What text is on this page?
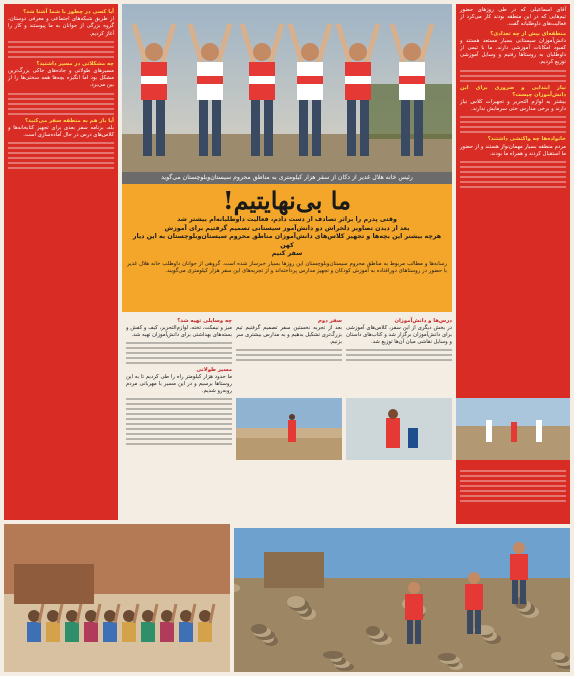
آقای اسماعیلی که در طی روزهای حضور تیم‌هایی که در این منطقه بودند کار می‌کرد از فعالیت‌های داوطلبانه گفت.
منطقه‌ای بیش از چه تعدادی؟
دانش‌آموزان سیستانی بسیار مستعد هستند و کمبود امکانات آموزشی دارند. ما با تیمی از داوطلبان به روستاها رفتیم و وسایل آموزشی توزیع کردیم.
نیاز ابتدایی و ضروری برای این دانش‌آموزان چیست؟
بیشتر به لوازم التحریر و تجهیزات کلاس نیاز دارند و برخی مدارس حتی سرمایش ندارند.
خانواده‌ها چه واکنشی داشتند؟
مردم منطقه بسیار مهمان‌نواز هستند و از حضور ما استقبال کردند و همراه ما بودند.
آیا کسی در چطور با شما آشنا شد؟
از طریق شبکه‌های اجتماعی و معرفی دوستان، گروه بزرگی از جوانان به ما پیوستند و کار را آغاز کردیم.
چه مشکلاتی در مسیر داشتید؟
مسیرهای طولانی و جاده‌های خاکی بزرگ‌ترین مشکل بود اما انگیزه بچه‌ها همه سختی‌ها را از بین می‌برد.
آیا باز هم به منطقه سفر می‌کنید؟
بله، برنامه سفر بعدی برای تجهیز کتابخانه‌ها و کلاس‌های درس در حال آماده‌سازی است.
رئیس خانه هلال غدیر از دکان از سفر هزار کیلومتری به مناطق محروم سیستان‌وبلوچستان می‌گوید
ما بی‌نهایتیم!
وقتی پدرم را براثر تصادف از دست دادم، فعالیت داوطلبانه‌ام بیشتر شد
بعد از دیدن تصاویر دلخراش دو دانش‌آموز سیستانی تصمیم گرفتیم برای آموزش
هرچه بیشتر این بچه‌ها و تجهیز کلاس‌های دانش‌آموزان مناطق محروم سیستان‌وبلوچستان به این دیار کهن
سفر کنیم
رسانه‌ها و مطالب مربوط به مناطق محروم سیستان‌وبلوچستان این روزها بسیار خبرساز شده است. گروهی از جوانان داوطلب خانه هلال غدیر با حضور در روستاهای دورافتاده به آموزش کودکان و تجهیز مدارس پرداخته‌اند و از تجربه‌های این سفر هزار کیلومتری می‌گویند.
درس‌ها و دانش‌آموزان
در بخش دیگری از این سفر، کلاس‌های آموزشی برای دانش‌آموزان برگزار شد و کتاب‌های داستان و وسایل نقاشی میان آن‌ها توزیع شد.
سفر دوم
بعد از تجربه نخستین سفر تصمیم گرفتیم تیم بزرگ‌تری تشکیل بدهیم و به مدارس بیشتری سر بزنیم.
چه وسایلی تهیه شد؟
میز و نیمکت، تخته، لوازم‌التحریر، کیف و کفش و بسته‌های بهداشتی برای دانش‌آموزان تهیه شد.
مسیر طولانی
ما حدود هزار کیلومتر راه را طی کردیم تا به این روستاها برسیم و در این مسیر با مهربانی مردم روبه‌رو شدیم.
